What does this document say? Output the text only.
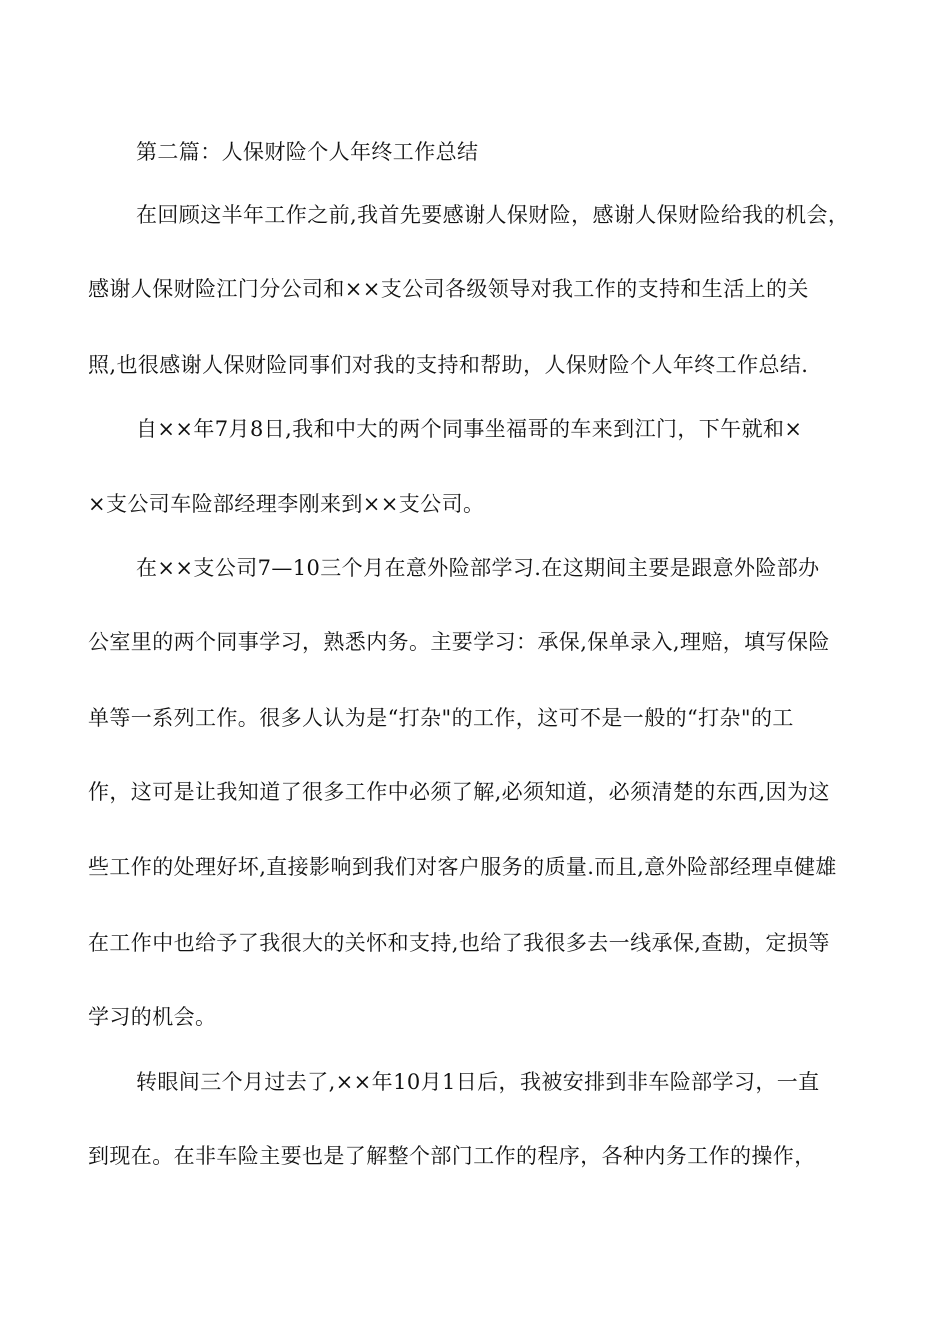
第二篇：人保财险个人年终工作总结
在回顾这半年工作之前,我首先要感谢人保财险，感谢人保财险给我的机会，
感谢人保财险江门分公司和××支公司各级领导对我工作的支持和生活上的关
照,也很感谢人保财险同事们对我的支持和帮助，人保财险个人年终工作总结.
自××年7月8日,我和中大的两个同事坐福哥的车来到江门，下午就和×
×支公司车险部经理李刚来到××支公司。
在××支公司7—10三个月在意外险部学习.在这期间主要是跟意外险部办
公室里的两个同事学习，熟悉内务。主要学习：承保,保单录入,理赔，填写保险
单等一系列工作。很多人认为是“打杂"的工作，这可不是一般的“打杂"的工
作，这可是让我知道了很多工作中必须了解,必须知道，必须清楚的东西,因为这
些工作的处理好坏,直接影响到我们对客户服务的质量.而且,意外险部经理卓健雄
在工作中也给予了我很大的关怀和支持,也给了我很多去一线承保,查勘，定损等
学习的机会。
转眼间三个月过去了,××年10月1日后，我被安排到非车险部学习，一直
到现在。在非车险主要也是了解整个部门工作的程序，各种内务工作的操作，
